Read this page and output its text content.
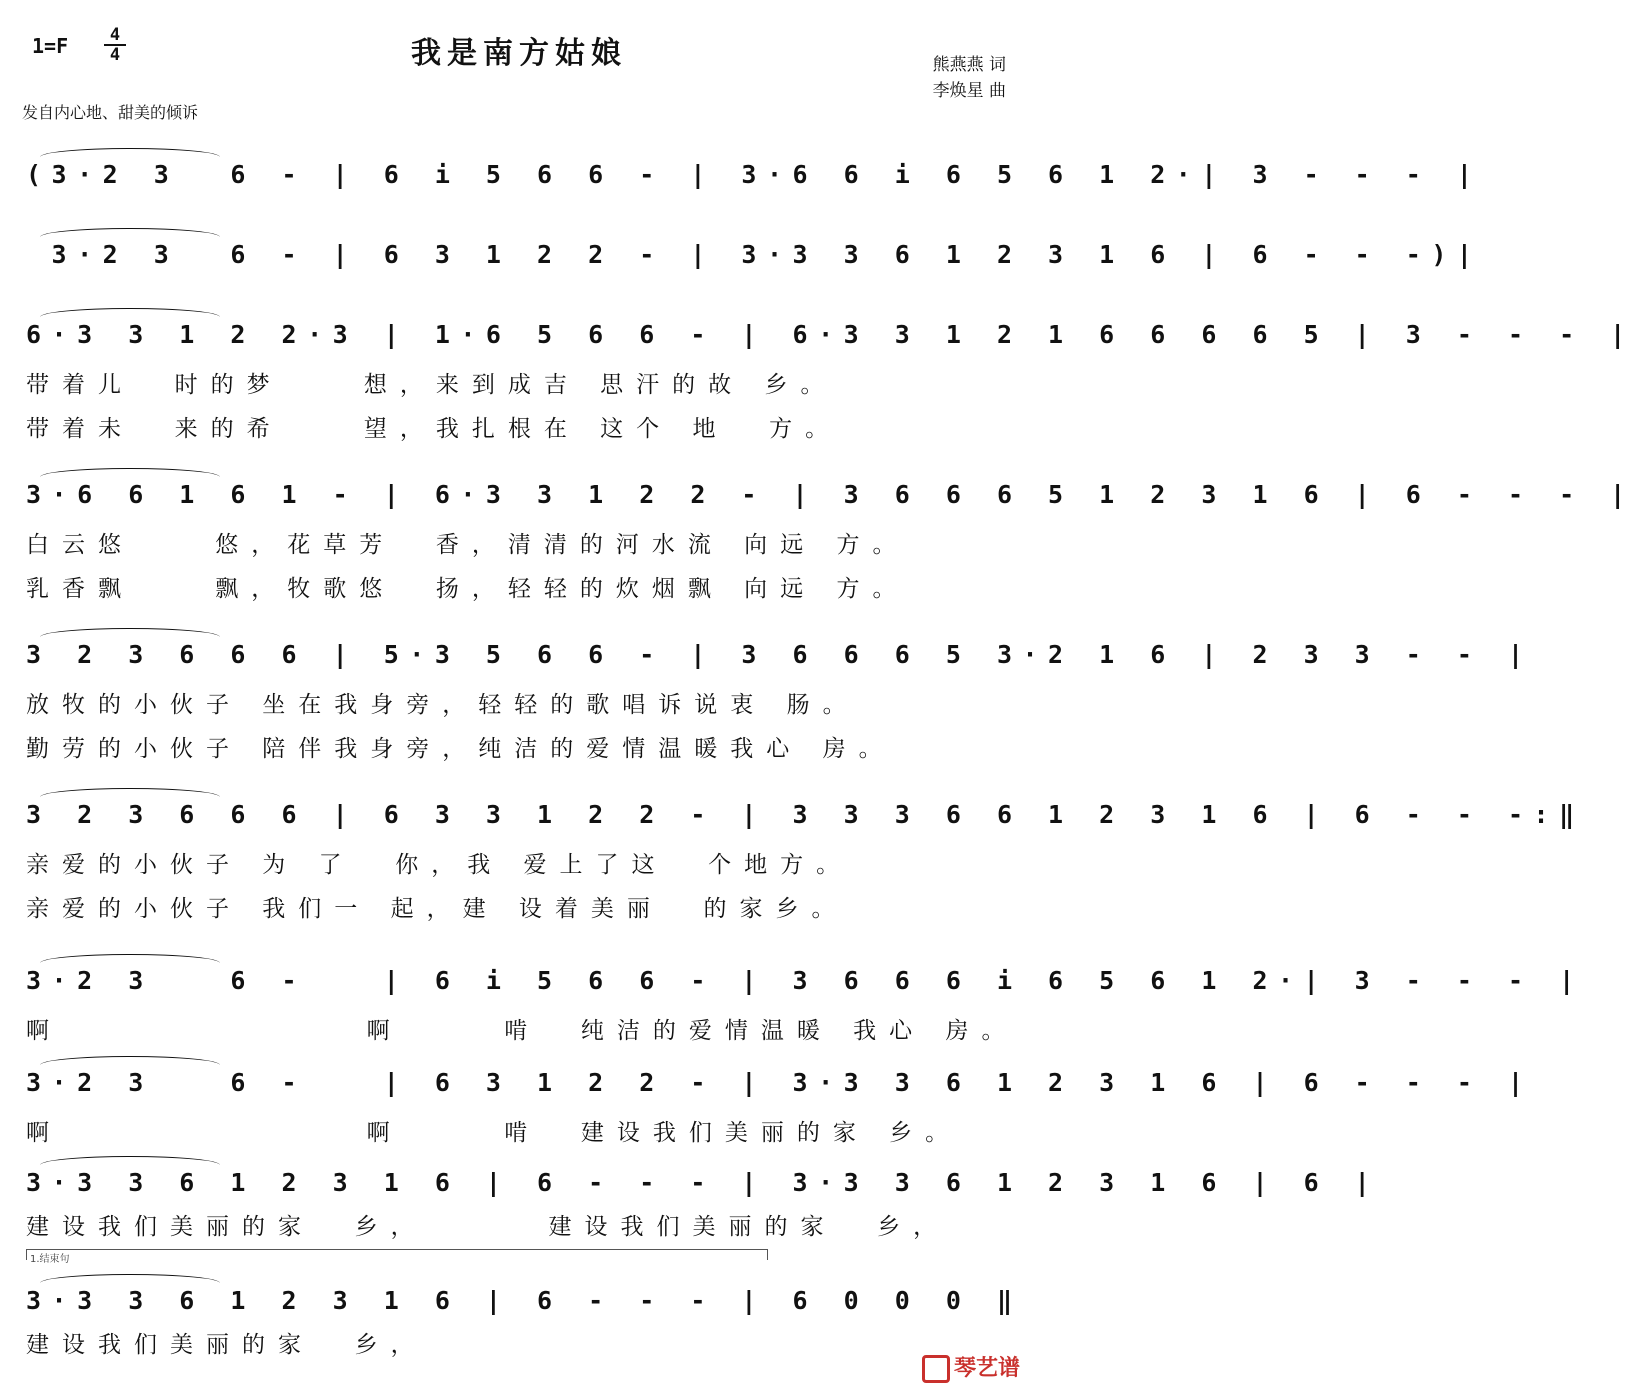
1=F	4
4	我是南方姑娘	熊燕燕 词
李焕星 曲
发自内心地、甜美的倾诉
(3·2 3  6 - | 6 i 5 6 6 - | 3·6 6 i 6 5 6 1 2·| 3 - - - |
3·2 3  6 - | 6 3 1 2 2 - | 3·3 3 6 1 2 3 1 6 | 6 - - -)|
6·3 3 1 2 2·3 | 1·6 5 6 6 - | 6·3 3 1 2 1 6 6 6 6 5 | 3 - - - |
带着儿  时的梦    想，来到成吉 思汗的故 乡。
带着未  来的希    望，我扎根在 这个 地  方。
3·6 6 1 6 1 - | 6·3 3 1 2 2 - | 3 6 6 6 5 1 2 3 1 6 | 6 - - - |
白云悠    悠，花草芳  香，清清的河水流 向远 方。
乳香飘    飘，牧歌悠  扬，轻轻的炊烟飘 向远 方。
3 2 3 6 6 6 | 5·3 5 6 6 - | 3 6 6 6 5 3·2 1 6 | 2 3 3 - - |
放牧的小伙子 坐在我身旁，轻轻的歌唱诉说衷 肠。
勤劳的小伙子 陪伴我身旁，纯洁的爱情温暖我心 房。
3 2 3 6 6 6 | 6 3 3 1 2 2 - | 3 3 3 6 6 1 2 3 1 6 | 6 - - -:‖
亲爱的小伙子 为 了  你，我 爱上了这  个地方。
亲爱的小伙子 我们一 起，建 设着美丽  的家乡。
3·2 3   6 -   | 6 i 5 6 6 - | 3 6 6 6 i 6 5 6 1 2·| 3 - - - |
啊               啊     啃  纯洁的爱情温暖 我心 房。
3·2 3   6 -   | 6 3 1 2 2 - | 3·3 3 6 1 2 3 1 6 | 6 - - - |
啊               啊     啃  建设我们美丽的家 乡。
3·3 3 6 1 2 3 1 6 | 6 - - - | 3·3 3 6 1 2 3 1 6 | 6 |
建设我们美丽的家  乡，      建设我们美丽的家  乡，
3·3 3 6 1 2 3 1 6 | 6 - - - | 6 0 0 0 ‖
建设我们美丽的家  乡，
1.结束句
琴艺谱
